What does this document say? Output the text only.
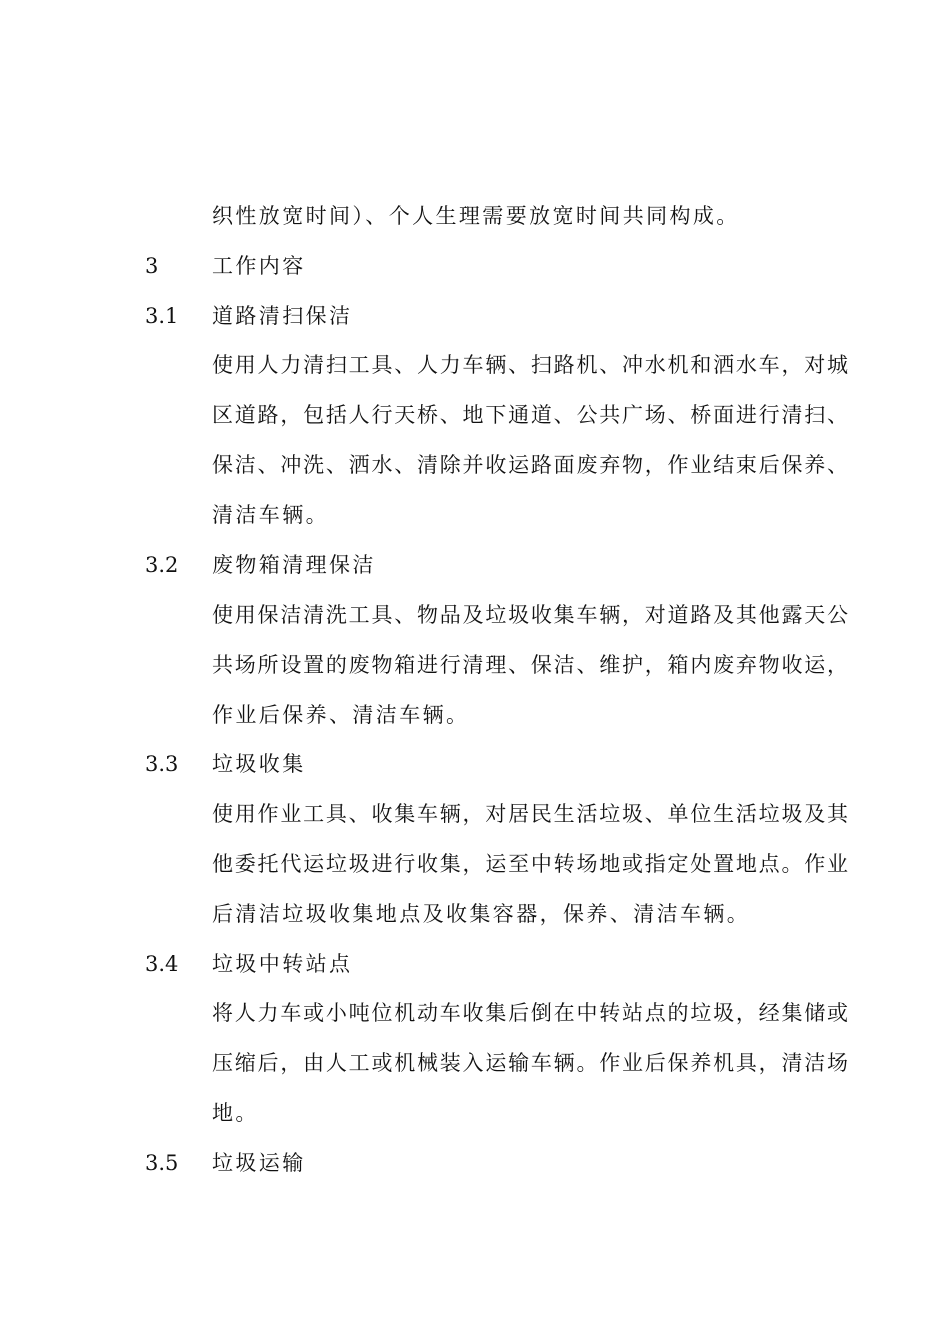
织性放宽时间）、个人生理需要放宽时间共同构成。
3	工作内容
3.1 道路清扫保洁
使用人力清扫工具、人力车辆、扫路机、冲水机和洒水车，对城
区道路，包括人行天桥、地下通道、公共广场、桥面进行清扫、
保洁、冲洗、洒水、清除并收运路面废弃物，作业结束后保养、
清洁车辆。
3.2 废物箱清理保洁
使用保洁清洗工具、物品及垃圾收集车辆，对道路及其他露天公
共场所设置的废物箱进行清理、保洁、维护，箱内废弃物收运，
作业后保养、清洁车辆。
3.3 垃圾收集
使用作业工具、收集车辆，对居民生活垃圾、单位生活垃圾及其
他委托代运垃圾进行收集，运至中转场地或指定处置地点。作业
后清洁垃圾收集地点及收集容器，保养、清洁车辆。
3.4 垃圾中转站点
将人力车或小吨位机动车收集后倒在中转站点的垃圾，经集储或
压缩后，由人工或机械装入运输车辆。作业后保养机具，清洁场
地。
3.5 垃圾运输
